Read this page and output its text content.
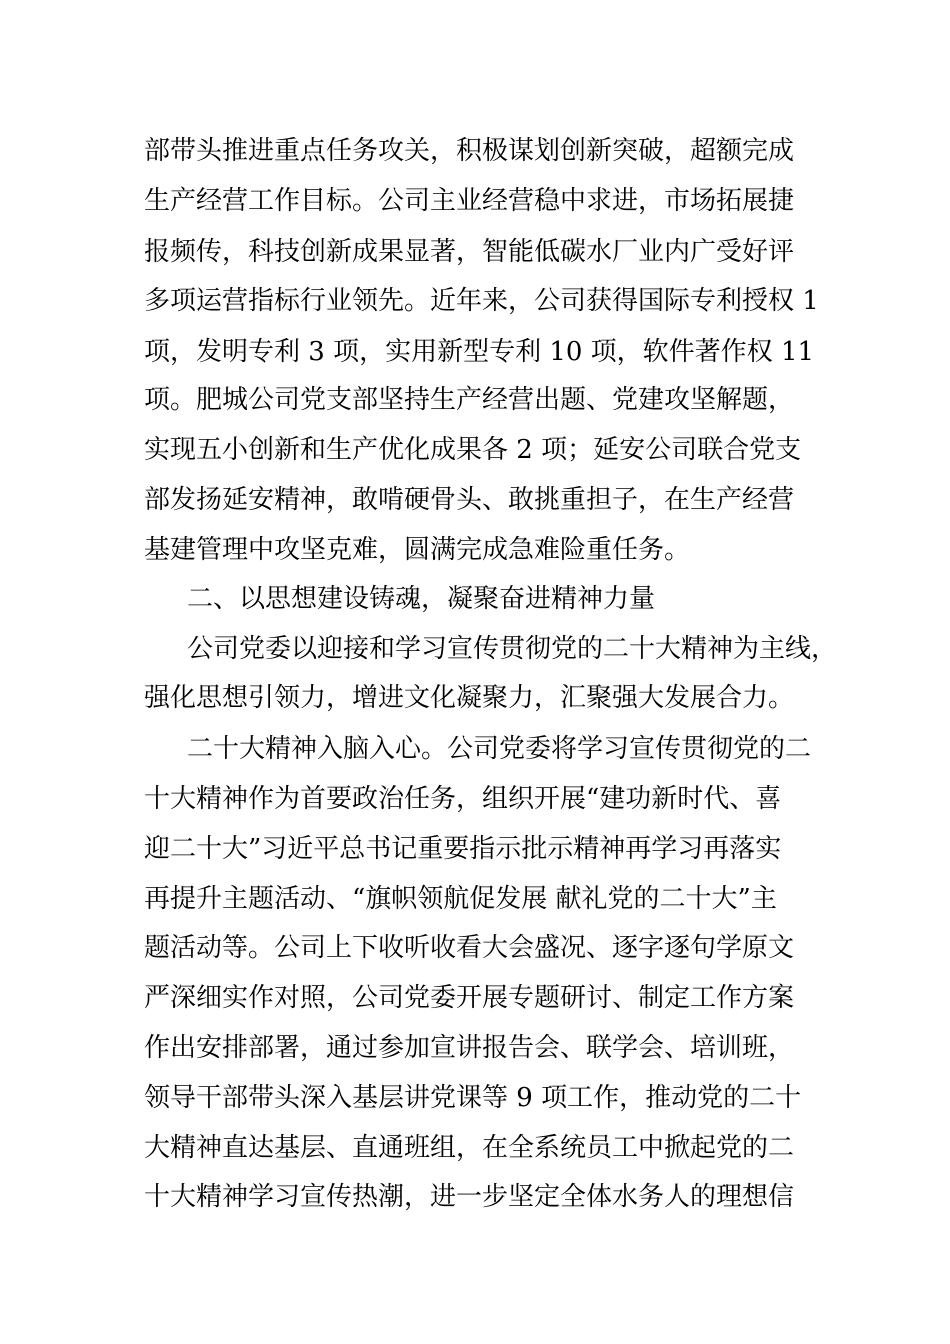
部带头推进重点任务攻关，积极谋划创新突破，超额完成
生产经营工作目标。公司主业经营稳中求进，市场拓展捷
报频传，科技创新成果显著，智能低碳水厂业内广受好评
多项运营指标行业领先。近年来，公司获得国际专利授权 1
项，发明专利 3 项，实用新型专利 10 项，软件著作权 11
项。肥城公司党支部坚持生产经营出题、党建攻坚解题，
实现五小创新和生产优化成果各 2 项；延安公司联合党支
部发扬延安精神，敢啃硬骨头、敢挑重担子，在生产经营
基建管理中攻坚克难，圆满完成急难险重任务。
二、以思想建设铸魂，凝聚奋进精神力量
公司党委以迎接和学习宣传贯彻党的二十大精神为主线，
强化思想引领力，增进文化凝聚力，汇聚强大发展合力。
二十大精神入脑入心。公司党委将学习宣传贯彻党的二
十大精神作为首要政治任务，组织开展“建功新时代、喜
迎二十大”习近平总书记重要指示批示精神再学习再落实
再提升主题活动、“旗帜领航促发展 献礼党的二十大”主
题活动等。公司上下收听收看大会盛况、逐字逐句学原文
严深细实作对照，公司党委开展专题研讨、制定工作方案
作出安排部署，通过参加宣讲报告会、联学会、培训班，
领导干部带头深入基层讲党课等 9 项工作，推动党的二十
大精神直达基层、直通班组，在全系统员工中掀起党的二
十大精神学习宣传热潮，进一步坚定全体水务人的理想信
